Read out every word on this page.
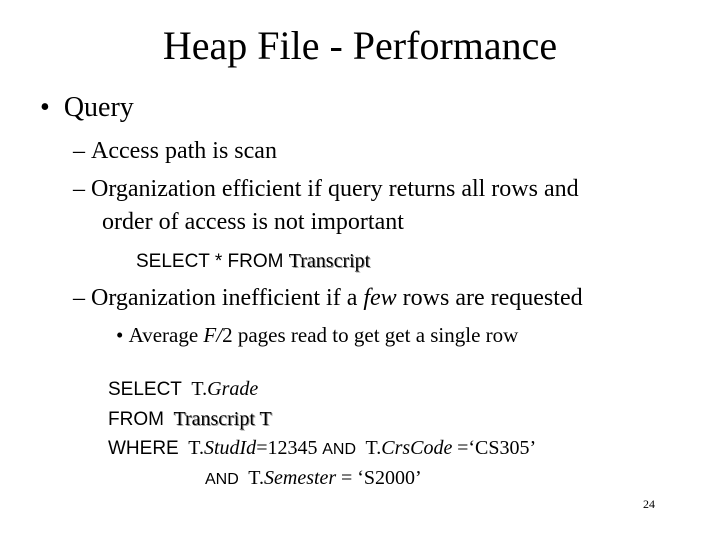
Heap File - Performance
• Query
– Access path is scan
– Organization efficient if query returns all rows and
order of access is not important
SELECT * FROM Transcript
– Organization inefficient if a few rows are requested
• Average F/2 pages read to get get a single row
SELECT T.Grade
FROM Transcript T
WHERE T.StudId=12345 AND T.CrsCode =‘CS305’
AND T.Semester = ‘S2000’
24
